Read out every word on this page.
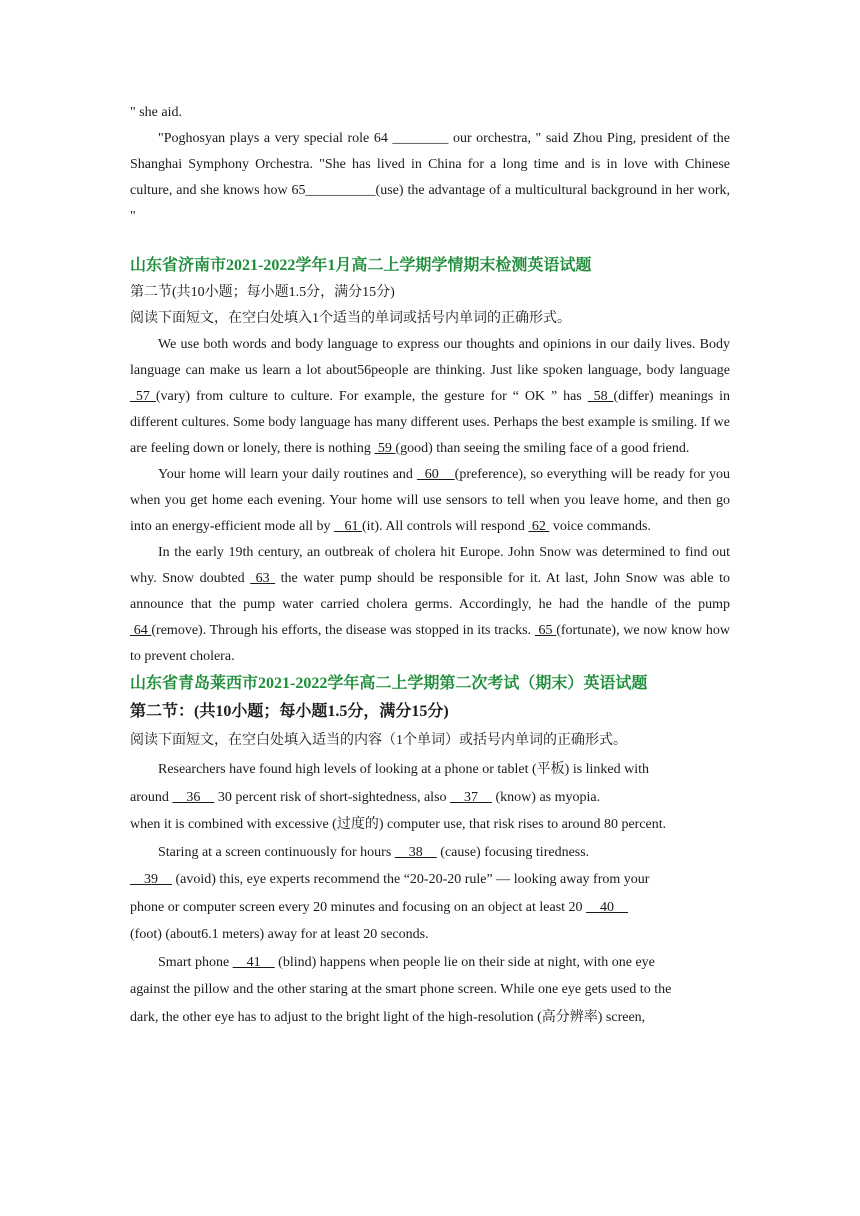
" she aid.

"Poghosyan plays a very special role 64 ________ our orchestra, " said Zhou Ping, president of the Shanghai Symphony Orchestra. "She has lived in China for a long time and is in love with Chinese culture, and she knows how 65__________(use) the advantage of a multicultural background in her work, "

山东省济南市2021-2022学年1月高二上学期学情期末检测英语试题

第二节(共10小题；每小题1.5分，满分15分)

阅读下面短文，在空白处填入1个适当的单词或括号内单词的正确形式。

We use both words and body language to express our thoughts and opinions in our daily lives. Body language can make us learn a lot about56people are thinking. Just like spoken language, body language  57 (vary) from culture to culture. For example, the gesture for “ OK ” has  58 (differ) meanings in different cultures. Some body language has many different uses. Perhaps the best example is smiling. If we are feeling down or lonely, there is nothing  59 (good) than seeing the smiling face of a good friend.

Your home will learn your daily routines and   60    (preference), so everything will be ready for you when you get home each evening. Your home will use sensors to tell when you leave home, and then go into an energy-efficient mode all by    61 (it). All controls will respond  62  voice commands.

In the early 19th century, an outbreak of cholera hit Europe. John Snow was determined to find out why. Snow doubted  63  the water pump should be responsible for it. At last, John Snow was able to announce that the pump water carried cholera germs. Accordingly, he had the handle of the pump  64 (remove). Through his efforts, the disease was stopped in its tracks.  65 (fortunate), we now know how to prevent cholera.

山东省青岛莱西市2021-2022学年高二上学期第二次考试（期末）英语试题

第二节：(共10小题；每小题1.5分，满分15分)

阅读下面短文，在空白处填入适当的内容（1个单词）或括号内单词的正确形式。

Researchers have found high levels of looking at a phone or tablet (平板) is linked with

around     36     30 percent risk of short-sightedness, also     37     (know) as myopia.

when it is combined with excessive (过度的) computer use, that risk rises to around 80 percent.

Staring at a screen continuously for hours     38     (cause) focusing tiredness.

39     (avoid) this, eye experts recommend the “20-20-20 rule” — looking away from your

phone or computer screen every 20 minutes and focusing on an object at least 20     40

(foot) (about6.1 meters) away for at least 20 seconds.

Smart phone     41     (blind) happens when people lie on their side at night, with one eye

against the pillow and the other staring at the smart phone screen. While one eye gets used to the

dark, the other eye has to adjust to the bright light of the high-resolution (高分辨率) screen,
